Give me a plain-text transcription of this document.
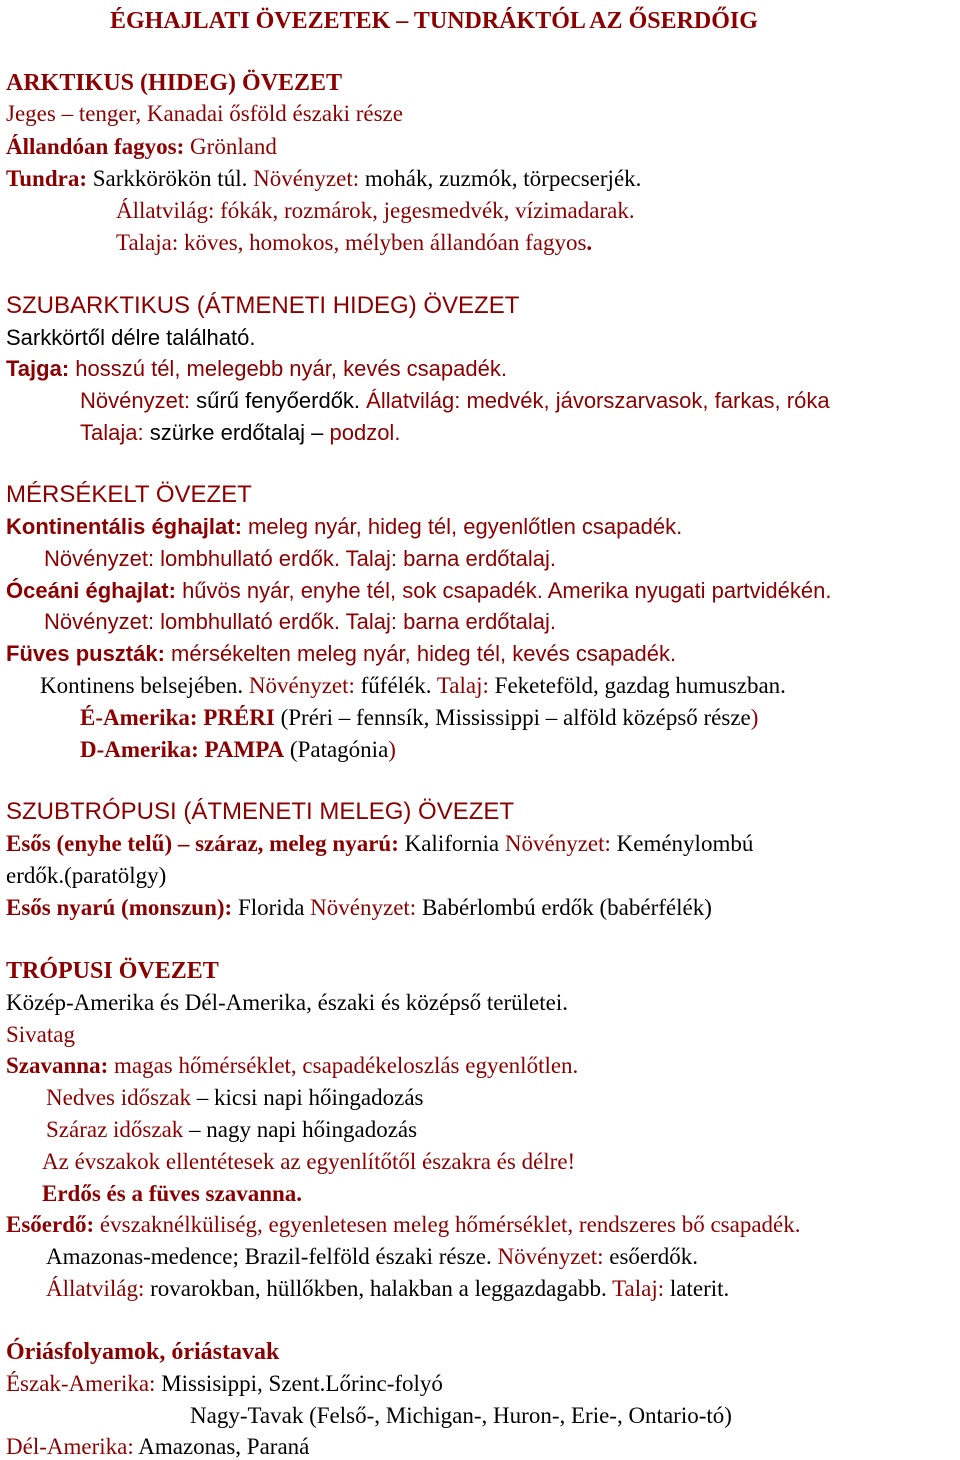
ÉGHAJLATI ÖVEZETEK – TUNDRÁKTÓL AZ ŐSERDŐIG
ARKTIKUS (HIDEG) ÖVEZET
Jeges – tenger, Kanadai ősföld északi része
Állandóan fagyos: Grönland
Tundra: Sarkkörökön túl. Növényzet: mohák, zuzmók, törpecserjék.
Állatvilág: fókák, rozmárok, jegesmedvék, vízimadarak.
Talaja: köves, homokos, mélyben állandóan fagyos.
SZUBARKTIKUS (ÁTMENETI HIDEG) ÖVEZET
Sarkkörtől délre található.
Tajga: hosszú tél, melegebb nyár, kevés csapadék.
Növényzet: sűrű fenyőerdők. Állatvilág: medvék, jávorszarvasok, farkas, róka
Talaja: szürke erdőtalaj – podzol.
MÉRSÉKELT ÖVEZET
Kontinentális éghajlat: meleg nyár, hideg tél, egyenlőtlen csapadék.
Növényzet: lombhullató erdők. Talaj: barna erdőtalaj.
Óceáni éghajlat: hűvös nyár, enyhe tél, sok csapadék. Amerika nyugati partvidékén.
Növényzet: lombhullató erdők. Talaj: barna erdőtalaj.
Füves puszták: mérsékelten meleg nyár, hideg tél, kevés csapadék.
Kontinens belsejében. Növényzet: fűfélék. Talaj: Feketeföld, gazdag humuszban.
É-Amerika: PRÉRI (Préri – fennsík, Mississippi – alföld középső része)
D-Amerika: PAMPA (Patagónia)
SZUBTRÓPUSI (ÁTMENETI MELEG) ÖVEZET
Esős (enyhe telű) – száraz, meleg nyarú: Kalifornia Növényzet: Keménylombú
erdők.(paratölgy)
Esős nyarú (monszun): Florida Növényzet: Babérlombú erdők (babérfélék)
TRÓPUSI ÖVEZET
Közép-Amerika és Dél-Amerika, északi és középső területei.
Sivatag
Szavanna: magas hőmérséklet, csapadékeloszlás egyenlőtlen.
Nedves időszak – kicsi napi hőingadozás
Száraz időszak – nagy napi hőingadozás
Az évszakok ellentétesek az egyenlítőtől északra és délre!
Erdős és a füves szavanna.
Esőerdő: évszaknélküliség, egyenletesen meleg hőmérséklet, rendszeres bő csapadék.
Amazonas-medence; Brazil-felföld északi része. Növényzet: esőerdők.
Állatvilág: rovarokban, hüllőkben, halakban a leggazdagabb. Talaj: laterit.
Óriásfolyamok, óriástavak
Észak-Amerika: Missisippi, Szent.Lőrinc-folyó
Nagy-Tavak (Felső-, Michigan-, Huron-, Erie-, Ontario-tó)
Dél-Amerika: Amazonas, Paraná
